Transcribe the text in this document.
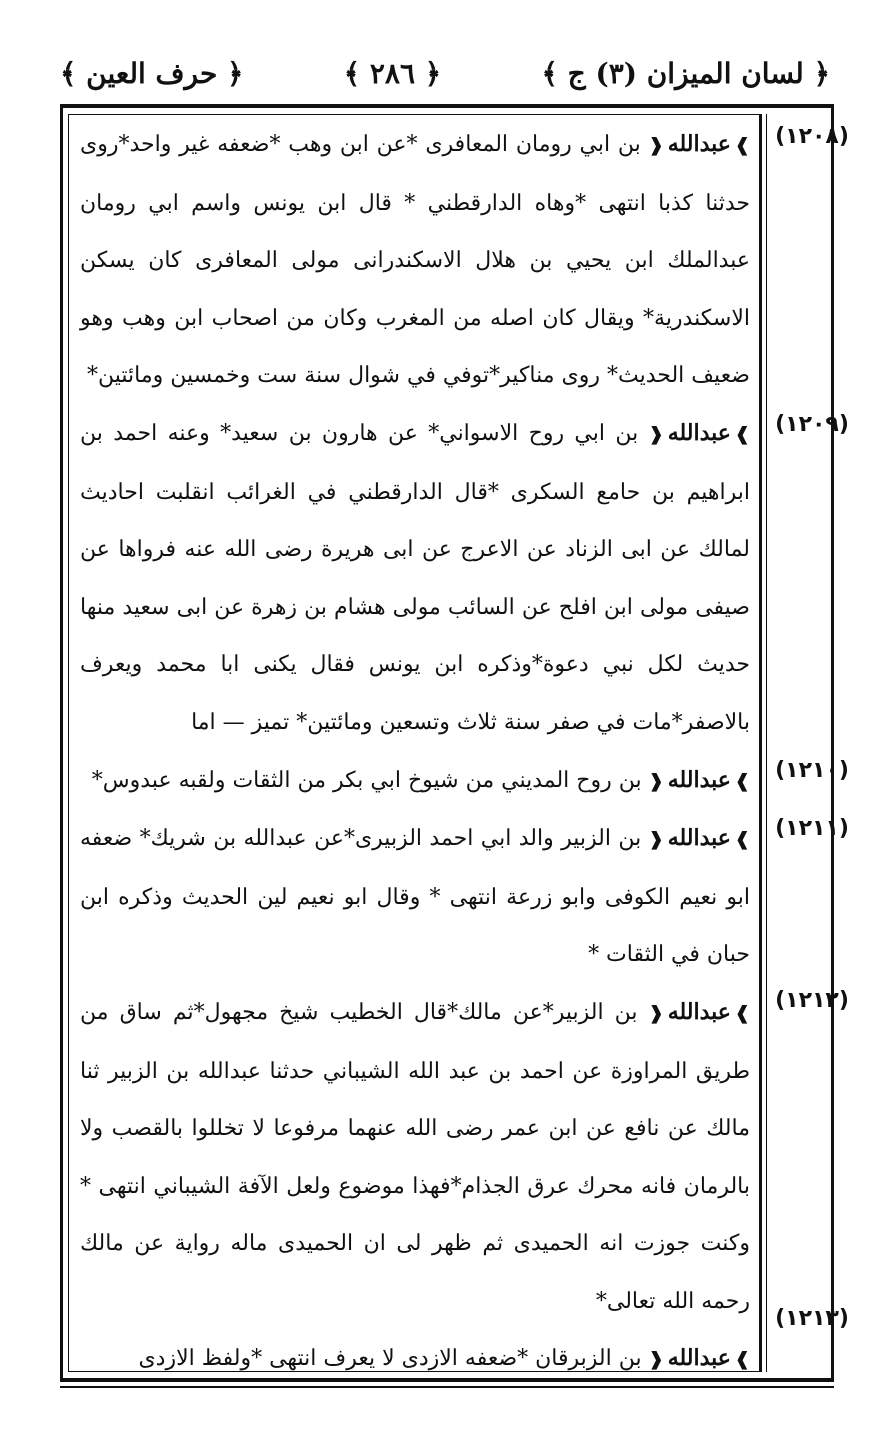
﴿ لسان الميزان (٣) ج ﴾
﴿ ٢٨٦ ﴾
﴿ حرف العين ﴾
(١٢٠٨)
(١٢٠٩)
(١٢١٠)
(١٢١١)
(١٢١٢)
(١٢١٣)

❱ عبدالله ❰ بن ابي رومان المعافرى *عن ابن وهب *ضعفه غير واحد*روى حدثنا كذبا انتهى *وهاه الدارقطني * قال ابن يونس واسم ابي رومان عبدالملك ابن يحيي بن هلال الاسكندرانى مولى المعافرى كان يسكن الاسكندرية* ويقال كان اصله من المغرب وكان من اصحاب ابن وهب وهو ضعيف الحديث* روى مناكير*توفي في شوال سنة ست وخمسين ومائتين*

❱ عبدالله ❰ بن ابي روح الاسواني* عن هارون بن سعيد* وعنه احمد بن ابراهيم بن حامع السكرى *قال الدارقطني في الغرائب انقلبت احاديث لمالك عن ابى الزناد عن الاعرج عن ابى هريرة رضى الله عنه فرواها عن صيفى مولى ابن افلح عن السائب مولى هشام بن زهرة عن ابى سعيد منها حديث لكل نبي دعوة*وذكره ابن يونس فقال يكنى ابا محمد ويعرف بالاصفر*مات في صفر سنة ثلاث وتسعين ومائتين* تميز — اما

❱ عبدالله ❰ بن روح المديني من شيوخ ابي بكر من الثقات ولقبه عبدوس*

❱ عبدالله ❰ بن الزبير والد ابي احمد الزبيرى*عن عبدالله بن شريك* ضعفه ابو نعيم الكوفى وابو زرعة انتهى * وقال ابو نعيم لين الحديث وذكره ابن حبان في الثقات *

❱ عبدالله ❰ بن الزبير*عن مالك*قال الخطيب شيخ مجهول*ثم ساق من طريق المراوزة عن احمد بن عبد الله الشيباني حدثنا عبدالله بن الزبير ثنا مالك عن نافع عن ابن عمر رضى الله عنهما مرفوعا لا تخللوا بالقصب ولا بالرمان فانه محرك عرق الجذام*فهذا موضوع ولعل الآفة الشيباني انتهى * وكنت جوزت انه الحميدى ثم ظهر لى ان الحميدى ماله رواية عن مالك رحمه الله تعالى*

❱ عبدالله ❰ بن الزبرقان *ضعفه الازدى لا يعرف انتهى *ولفظ الازدى
